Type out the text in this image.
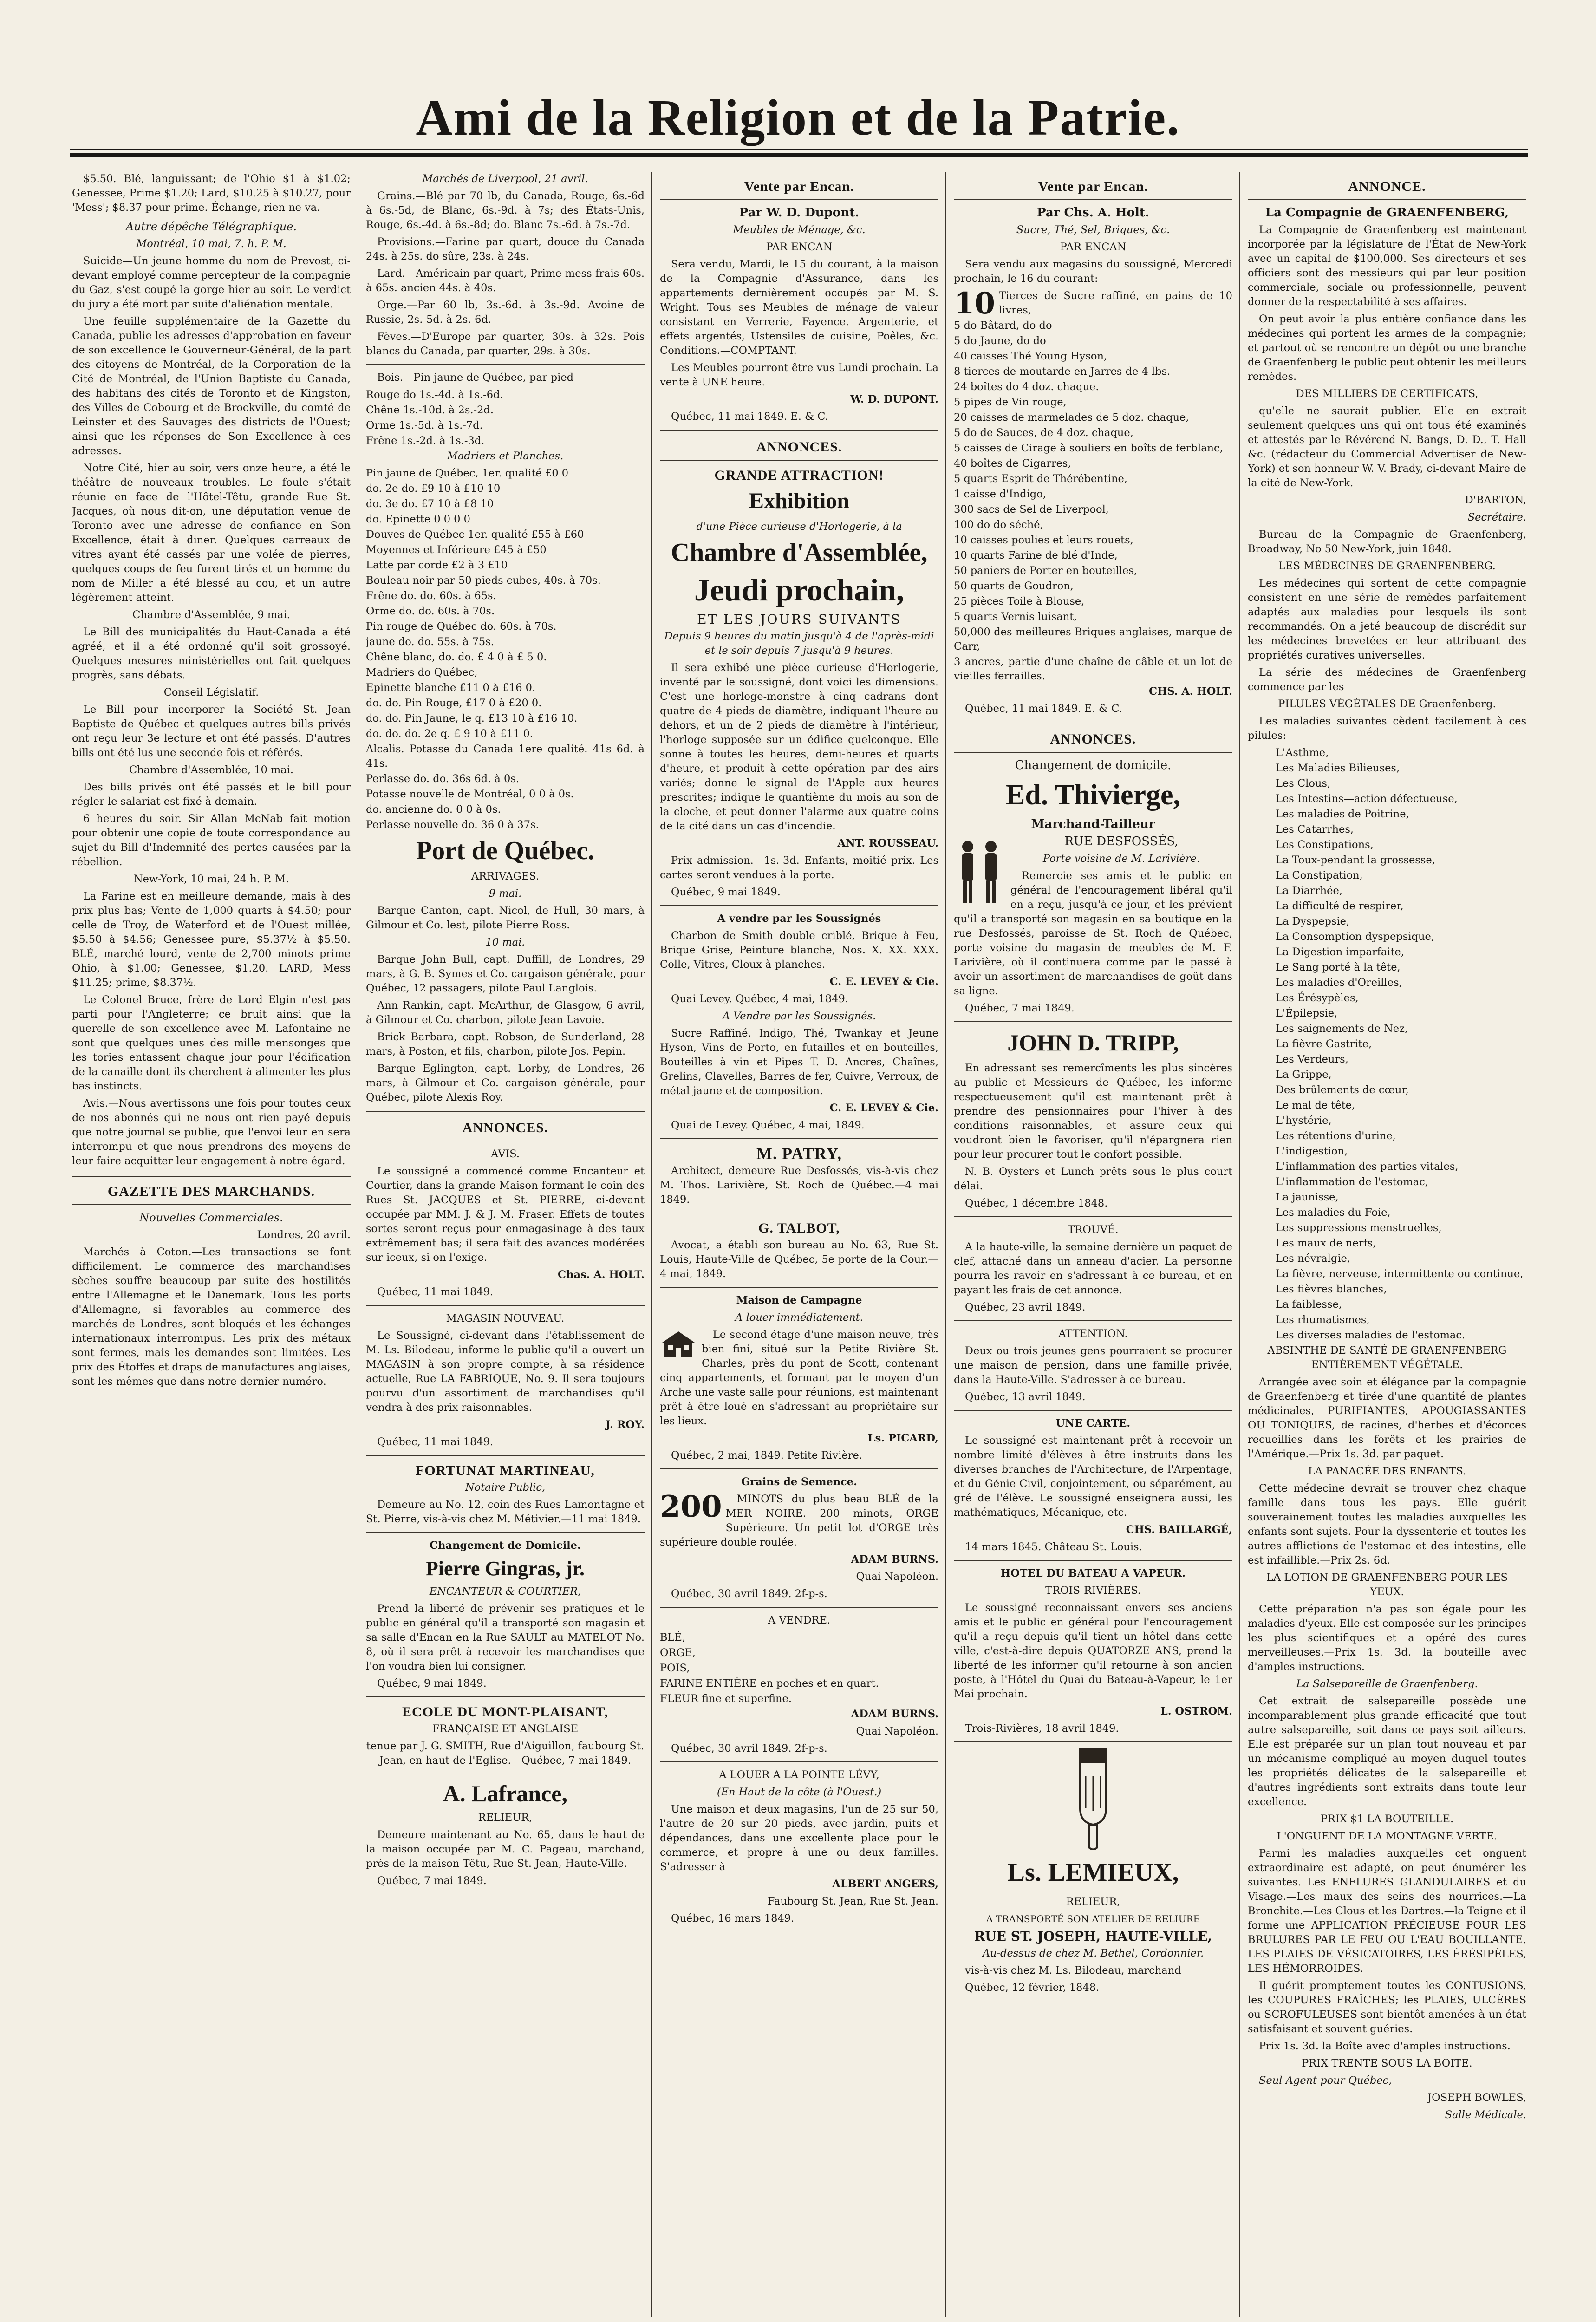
Ami de la Religion et de la Patrie.

$5.50. Blé, languissant; de l'Ohio $1 à $1.02; Genessee, Prime $1.20; Lard, $10.25 à $10.27, pour 'Mess'; $8.37 pour prime. Échange, rien ne va.

Autre dépêche Télégraphique.

Montréal, 10 mai, 7. h. P. M.

Suicide—Un jeune homme du nom de Prevost, ci-devant employé comme percepteur de la compagnie du Gaz, s'est coupé la gorge hier au soir. Le verdict du jury a été mort par suite d'aliénation mentale.

Une feuille supplémentaire de la Gazette du Canada, publie les adresses d'approbation en faveur de son excellence le Gouverneur-Général, de la part des citoyens de Montréal, de la Corporation de la Cité de Montréal, de l'Union Baptiste du Canada, des habitans des cités de Toronto et de Kingston, des Villes de Cobourg et de Brockville, du comté de Leinster et des Sauvages des districts de l'Ouest; ainsi que les réponses de Son Excellence à ces adresses.

Notre Cité, hier au soir, vers onze heure, a été le théâtre de nouveaux troubles. Le foule s'était réunie en face de l'Hôtel-Têtu, grande Rue St. Jacques, où nous dit-on, une députation venue de Toronto avec une adresse de confiance en Son Excellence, était à diner. Quelques carreaux de vitres ayant été cassés par une volée de pierres, quelques coups de feu furent tirés et un homme du nom de Miller a été blessé au cou, et un autre légèrement atteint.

Chambre d'Assemblée, 9 mai.

Le Bill des municipalités du Haut-Canada a été agréé, et il a été ordonné qu'il soit grossoyé. Quelques mesures ministérielles ont fait quelques progrès, sans débats.

Conseil Législatif.

Le Bill pour incorporer la Société St. Jean Baptiste de Québec et quelques autres bills privés ont reçu leur 3e lecture et ont été passés. D'autres bills ont été lus une seconde fois et référés.

Chambre d'Assemblée, 10 mai.

Des bills privés ont été passés et le bill pour régler le salariat est fixé à demain.

6 heures du soir. Sir Allan McNab fait motion pour obtenir une copie de toute correspondance au sujet du Bill d'Indemnité des pertes causées par la rébellion.

New-York, 10 mai, 24 h. P. M.

La Farine est en meilleure demande, mais à des prix plus bas; Vente de 1,000 quarts à $4.50; pour celle de Troy, de Waterford et de l'Ouest millée, $5.50 à $4.56; Genessee pure, $5.37½ à $5.50. BLÉ, marché lourd, vente de 2,700 minots prime Ohio, à $1.00; Genessee, $1.20. LARD, Mess $11.25; prime, $8.37½.

Le Colonel Bruce, frère de Lord Elgin n'est pas parti pour l'Angleterre; ce bruit ainsi que la querelle de son excellence avec M. Lafontaine ne sont que quelques unes des mille mensonges que les tories entassent chaque jour pour l'édification de la canaille dont ils cherchent à alimenter les plus bas instincts.

Avis.—Nous avertissons une fois pour toutes ceux de nos abonnés qui ne nous ont rien payé depuis que notre journal se publie, que l'envoi leur en sera interrompu et que nous prendrons des moyens de leur faire acquitter leur engagement à notre égard.

GAZETTE DES MARCHANDS.
Nouvelles Commerciales.

Londres, 20 avril.

Marchés à Coton.—Les transactions se font difficilement. Le commerce des marchandises sèches souffre beaucoup par suite des hostilités entre l'Allemagne et le Danemark. Tous les ports d'Allemagne, si favorables au commerce des marchés de Londres, sont bloqués et les échanges internationaux interrompus. Les prix des métaux sont fermes, mais les demandes sont limitées. Les prix des Étoffes et draps de manufactures anglaises, sont les mêmes que dans notre dernier numéro.

Marchés de Liverpool, 21 avril.

Grains.—Blé par 70 lb, du Canada, Rouge, 6s.-6d à 6s.-5d, de Blanc, 6s.-9d. à 7s; des États-Unis, Rouge, 6s.-4d. à 6s.-8d; do. Blanc 7s.-6d. à 7s.-7d.

Provisions.—Farine par quart, douce du Canada 24s. à 25s. do sûre, 23s. à 24s.

Lard.—Américain par quart, Prime mess frais 60s. à 65s. ancien 44s. à 40s.

Orge.—Par 60 lb, 3s.-6d. à 3s.-9d. Avoine de Russie, 2s.-5d. à 2s.-6d.

Fèves.—D'Europe par quarter, 30s. à 32s. Pois blancs du Canada, par quarter, 29s. à 30s.

Bois.—Pin jaune de Québec, par pied

Rouge do 1s.-4d. à 1s.-6d.

Chêne 1s.-10d. à 2s.-2d.

Orme 1s.-5d. à 1s.-7d.

Frêne 1s.-2d. à 1s.-3d.

Madriers et Planches.

Pin jaune de Québec, 1er. qualité £0 0

do. 2e do. £9 10 à £10 10

do. 3e do. £7 10 à £8 10

do. Epinette 0 0 0 0

Douves de Québec 1er. qualité £55 à £60

Moyennes et Inférieure £45 à £50

Latte par corde £2 à 3 £10

Bouleau noir par 50 pieds cubes, 40s. à 70s.

Frêne do. do. 60s. à 65s.

Orme do. do. 60s. à 70s.

Pin rouge de Québec do. 60s. à 70s.

jaune do. do. 55s. à 75s.

Chêne blanc, do. do. £ 4 0 à £ 5 0.

Madriers do Québec,

Epinette blanche £11 0 à £16 0.

do. do. Pin Rouge, £17 0 à £20 0.

do. do. Pin Jaune, le q. £13 10 à £16 10.

do. do. do. 2e q. £ 9 10 à £11 0.

Alcalis. Potasse du Canada 1ere qualité. 41s 6d. à 41s.

Perlasse do. do. 36s 6d. à 0s.

Potasse nouvelle de Montréal, 0 0 à 0s.

do. ancienne do. 0 0 à 0s.

Perlasse nouvelle do. 36 0 à 37s.

Port de Québec.

ARRIVAGES.

9 mai.

Barque Canton, capt. Nicol, de Hull, 30 mars, à Gilmour et Co. lest, pilote Pierre Ross.

10 mai.

Barque John Bull, capt. Duffill, de Londres, 29 mars, à G. B. Symes et Co. cargaison générale, pour Québec, 12 passagers, pilote Paul Langlois.

Ann Rankin, capt. McArthur, de Glasgow, 6 avril, à Gilmour et Co. charbon, pilote Jean Lavoie.

Brick Barbara, capt. Robson, de Sunderland, 28 mars, à Poston, et fils, charbon, pilote Jos. Pepin.

Barque Eglington, capt. Lorby, de Londres, 26 mars, à Gilmour et Co. cargaison générale, pour Québec, pilote Alexis Roy.

ANNONCES.

AVIS.

Le soussigné a commencé comme Encanteur et Courtier, dans la grande Maison formant le coin des Rues St. JACQUES et St. PIERRE, ci-devant occupée par MM. J. & J. M. Fraser. Effets de toutes sortes seront reçus pour enmagasinage à des taux extrêmement bas; il sera fait des avances modérées sur iceux, si on l'exige.

Chas. A. HOLT.

Québec, 11 mai 1849.

MAGASIN NOUVEAU.

Le Soussigné, ci-devant dans l'établissement de M. Ls. Bilodeau, informe le public qu'il a ouvert un MAGASIN à son propre compte, à sa résidence actuelle, Rue LA FABRIQUE, No. 9. Il sera toujours pourvu d'un assortiment de marchandises qu'il vendra à des prix raisonnables.

J. ROY.

Québec, 11 mai 1849.

FORTUNAT MARTINEAU,

Notaire Public,

Demeure au No. 12, coin des Rues Lamontagne et St. Pierre, vis-à-vis chez M. Métivier.—11 mai 1849.

Changement de Domicile.

Pierre Gingras, jr.

ENCANTEUR & COURTIER,

Prend la liberté de prévenir ses pratiques et le public en général qu'il a transporté son magasin et sa salle d'Encan en la Rue SAULT au MATELOT No. 8, où il sera prêt à recevoir les marchandises que l'on voudra bien lui consigner.

Québec, 9 mai 1849.

ECOLE DU MONT-PLAISANT,

FRANÇAISE ET ANGLAISE

tenue par J. G. SMITH, Rue d'Aiguillon, faubourg St. Jean, en haut de l'Eglise.—Québec, 7 mai 1849.

A. Lafrance,

RELIEUR,

Demeure maintenant au No. 65, dans le haut de la maison occupée par M. C. Pageau, marchand, près de la maison Têtu, Rue St. Jean, Haute-Ville.

Québec, 7 mai 1849.

Vente par Encan.

Par W. D. Dupont.

Meubles de Ménage, &c.

PAR ENCAN

Sera vendu, Mardi, le 15 du courant, à la maison de la Compagnie d'Assurance, dans les appartements dernièrement occupés par M. S. Wright. Tous ses Meubles de ménage de valeur consistant en Verrerie, Fayence, Argenterie, et effets argentés, Ustensiles de cuisine, Poêles, &c. Conditions.—COMPTANT.

Les Meubles pourront être vus Lundi prochain. La vente à UNE heure.

W. D. DUPONT.

Québec, 11 mai 1849. E. & C.

ANNONCES.
GRANDE ATTRACTION!
Exhibition

d'une Pièce curieuse d'Horlogerie, à la

Chambre d'Assemblée,
Jeudi prochain,

ET LES JOURS SUIVANTS

Depuis 9 heures du matin jusqu'à 4 de l'après-midi et le soir depuis 7 jusqu'à 9 heures.

Il sera exhibé une pièce curieuse d'Horlogerie, inventé par le soussigné, dont voici les dimensions. C'est une horloge-monstre à cinq cadrans dont quatre de 4 pieds de diamètre, indiquant l'heure au dehors, et un de 2 pieds de diamètre à l'intérieur, l'horloge supposée sur un édifice quelconque. Elle sonne à toutes les heures, demi-heures et quarts d'heure, et produit à cette opération par des airs variés; donne le signal de l'Apple aux heures prescrites; indique le quantième du mois au son de la cloche, et peut donner l'alarme aux quatre coins de la cité dans un cas d'incendie.

ANT. ROUSSEAU.

Prix admission.—1s.-3d. Enfants, moitié prix. Les cartes seront vendues à la porte.

Québec, 9 mai 1849.

A vendre par les Soussignés

Charbon de Smith double criblé, Brique à Feu, Brique Grise, Peinture blanche, Nos. X. XX. XXX. Colle, Vitres, Cloux à planches.

C. E. LEVEY & Cie.

Quai Levey. Québec, 4 mai, 1849.

A Vendre par les Soussignés.

Sucre Raffiné. Indigo, Thé, Twankay et Jeune Hyson, Vins de Porto, en futailles et en bouteilles, Bouteilles à vin et Pipes T. D. Ancres, Chaînes, Grelins, Clavelles, Barres de fer, Cuivre, Verroux, de métal jaune et de composition.

C. E. LEVEY & Cie.

Quai de Levey. Québec, 4 mai, 1849.

M. PATRY,

Architect, demeure Rue Desfossés, vis-à-vis chez M. Thos. Larivière, St. Roch de Québec.—4 mai 1849.

G. TALBOT,

Avocat, a établi son bureau au No. 63, Rue St. Louis, Haute-Ville de Québec, 5e porte de la Cour.—4 mai, 1849.

Maison de Campagne

A louer immédiatement.

Le second étage d'une maison neuve, très bien fini, situé sur la Petite Rivière St. Charles, près du pont de Scott, contenant cinq appartements, et formant par le moyen d'un Arche une vaste salle pour réunions, est maintenant prêt à être loué en s'adressant au propriétaire sur les lieux.

Ls. PICARD,

Québec, 2 mai, 1849. Petite Rivière.

Grains de Semence.

200	MINOTS du plus beau BLÉ de la MER NOIRE. 200 minots, ORGE Supérieure. Un petit lot d'ORGE très supérieure double roulée.

ADAM BURNS.

Quai Napoléon.

Québec, 30 avril 1849. 2f-p-s.

A VENDRE.

BLÉ,

ORGE,

POIS,

FARINE ENTIÈRE en poches et en quart.

FLEUR fine et superfine.

ADAM BURNS.

Quai Napoléon.

Québec, 30 avril 1849. 2f-p-s.

A LOUER A LA POINTE LÉVY,

(En Haut de la côte (à l'Ouest.)

Une maison et deux magasins, l'un de 25 sur 50, l'autre de 20 sur 20 pieds, avec jardin, puits et dépendances, dans une excellente place pour le commerce, et propre à une ou deux familles. S'adresser à

ALBERT ANGERS,

Faubourg St. Jean, Rue St. Jean.

Québec, 16 mars 1849.

Vente par Encan.

Par Chs. A. Holt.

Sucre, Thé, Sel, Briques, &c.

PAR ENCAN

Sera vendu aux magasins du soussigné, Mercredi prochain, le 16 du courant:

10 Tierces de Sucre raffiné, en pains de 10 livres,

5 do Bâtard, do do

5 do Jaune, do do

40 caisses Thé Young Hyson,

8 tierces de moutarde en Jarres de 4 lbs.

24 boîtes do 4 doz. chaque.

5 pipes de Vin rouge,

20 caisses de marmelades de 5 doz. chaque,

5 do de Sauces, de 4 doz. chaque,

5 caisses de Cirage à souliers en boîts de ferblanc,

40 boîtes de Cigarres,

5 quarts Esprit de Thérébentine,

1 caisse d'Indigo,

300 sacs de Sel de Liverpool,

100 do do séché,

10 caisses poulies et leurs rouets,

10 quarts Farine de blé d'Inde,

50 paniers de Porter en bouteilles,

50 quarts de Goudron,

25 pièces Toile à Blouse,

5 quarts Vernis luisant,

50,000 des meilleures Briques anglaises, marque de Carr,

3 ancres, partie d'une chaîne de câble et un lot de vieilles ferrailles.

CHS. A. HOLT.

Québec, 11 mai 1849. E. & C.

ANNONCES.

Changement de domicile.

Ed. Thivierge,

Marchand-Tailleur

RUE DESFOSSÉS,

Porte voisine de M. Larivière.

Remercie ses amis et le public en général de l'encouragement libéral qu'il en a reçu, jusqu'à ce jour, et les prévient qu'il a transporté son magasin en sa boutique en la rue Desfossés, paroisse de St. Roch de Québec, porte voisine du magasin de meubles de M. F. Larivière, où il continuera comme par le passé à avoir un assortiment de marchandises de goût dans sa ligne.

Québec, 7 mai 1849.

JOHN D. TRIPP,

En adressant ses remercîments les plus sincères au public et Messieurs de Québec, les informe respectueusement qu'il est maintenant prêt à prendre des pensionnaires pour l'hiver à des conditions raisonnables, et assure ceux qui voudront bien le favoriser, qu'il n'épargnera rien pour leur procurer tout le confort possible.

N. B. Oysters et Lunch prêts sous le plus court délai.

Québec, 1 décembre 1848.

TROUVÉ.

A la haute-ville, la semaine dernière un paquet de clef, attaché dans un anneau d'acier. La personne pourra les ravoir en s'adressant à ce bureau, et en payant les frais de cet annonce.

Québec, 23 avril 1849.

ATTENTION.

Deux ou trois jeunes gens pourraient se procurer une maison de pension, dans une famille privée, dans la Haute-Ville. S'adresser à ce bureau.

Québec, 13 avril 1849.

UNE CARTE.

Le soussigné est maintenant prêt à recevoir un nombre limité d'élèves à être instruits dans les diverses branches de l'Architecture, de l'Arpentage, et du Génie Civil, conjointement, ou séparément, au gré de l'élève. Le soussigné enseignera aussi, les mathématiques, Mécanique, etc.

CHS. BAILLARGÉ,

14 mars 1845. Château St. Louis.

HOTEL DU BATEAU A VAPEUR.

TROIS-RIVIÈRES.

Le soussigné reconnaissant envers ses anciens amis et le public en général pour l'encouragement qu'il a reçu depuis qu'il tient un hôtel dans cette ville, c'est-à-dire depuis QUATORZE ANS, prend la liberté de les informer qu'il retourne à son ancien poste, à l'Hôtel du Quai du Bateau-à-Vapeur, le 1er Mai prochain.

L. OSTROM.

Trois-Rivières, 18 avril 1849.

Ls. LEMIEUX,

RELIEUR,

A TRANSPORTÉ SON ATELIER DE RELIURE

RUE ST. JOSEPH, HAUTE-VILLE,

Au-dessus de chez M. Bethel, Cordonnier.

vis-à-vis chez M. Ls. Bilodeau, marchand

Québec, 12 février, 1848.

ANNONCE.

La Compagnie de GRAENFENBERG,

La Compagnie de Graenfenberg est maintenant incorporée par la législature de l'État de New-York avec un capital de $100,000. Ses directeurs et ses officiers sont des messieurs qui par leur position commerciale, sociale ou professionnelle, peuvent donner de la respectabilité à ses affaires.

On peut avoir la plus entière confiance dans les médecines qui portent les armes de la compagnie; et partout où se rencontre un dépôt ou une branche de Graenfenberg le public peut obtenir les meilleurs remèdes.

DES MILLIERS DE CERTIFICATS,

qu'elle ne saurait publier. Elle en extrait seulement quelques uns qui ont tous été examinés et attestés par le Révérend N. Bangs, D. D., T. Hall &c. (rédacteur du Commercial Advertiser de New-York) et son honneur W. V. Brady, ci-devant Maire de la cité de New-York.

D'BARTON,

Secrétaire.

Bureau de la Compagnie de Graenfenberg, Broadway, No 50 New-York, juin 1848.

LES MÉDECINES DE GRAENFENBERG.

Les médecines qui sortent de cette compagnie consistent en une série de remèdes parfaitement adaptés aux maladies pour lesquels ils sont recommandés. On a jeté beaucoup de discrédit sur les médecines brevetées en leur attribuant des propriétés curatives universelles.

La série des médecines de Graenfenberg commence par les

PILULES VÉGÉTALES DE Graenfenberg.

Les maladies suivantes cèdent facilement à ces pilules:

L'Asthme,

Les Maladies Bilieuses,

Les Clous,

Les Intestins—action défectueuse,

Les maladies de Poitrine,

Les Catarrhes,

Les Constipations,

La Toux-pendant la grossesse,

La Constipation,

La Diarrhée,

La difficulté de respirer,

La Dyspepsie,

La Consomption dyspepsique,

La Digestion imparfaite,

Le Sang porté à la tête,

Les maladies d'Oreilles,

Les Érésypèles,

L'Épilepsie,

Les saignements de Nez,

La fièvre Gastrite,

Les Verdeurs,

La Grippe,

Des brûlements de cœur,

Le mal de tête,

L'hystérie,

Les rétentions d'urine,

L'indigestion,

L'inflammation des parties vitales,

L'inflammation de l'estomac,

La jaunisse,

Les maladies du Foie,

Les suppressions menstruelles,

Les maux de nerfs,

Les névralgie,

La fièvre, nerveuse, intermittente ou continue,

Les fièvres blanches,

La faiblesse,

Les rhumatismes,

Les diverses maladies de l'estomac.

ABSINTHE DE SANTÉ DE GRAENFENBERG ENTIÈREMENT VÉGÉTALE.

Arrangée avec soin et élégance par la compagnie de Graenfenberg et tirée d'une quantité de plantes médicinales, PURIFIANTES, APOUGIASSANTES OU TONIQUES, de racines, d'herbes et d'écorces recueillies dans les forêts et les prairies de l'Amérique.—Prix 1s. 3d. par paquet.

LA PANACÉE DES ENFANTS.

Cette médecine devrait se trouver chez chaque famille dans tous les pays. Elle guérit souverainement toutes les maladies auxquelles les enfants sont sujets. Pour la dyssenterie et toutes les autres afflictions de l'estomac et des intestins, elle est infaillible.—Prix 2s. 6d.

LA LOTION DE GRAENFENBERG POUR LES YEUX.

Cette préparation n'a pas son égale pour les maladies d'yeux. Elle est composée sur les principes les plus scientifiques et a opéré des cures merveilleuses.—Prix 1s. 3d. la bouteille avec d'amples instructions.

La Salsepareille de Graenfenberg.

Cet extrait de salsepareille possède une incomparablement plus grande efficacité que tout autre salsepareille, soit dans ce pays soit ailleurs. Elle est préparée sur un plan tout nouveau et par un mécanisme compliqué au moyen duquel toutes les propriétés délicates de la salsepareille et d'autres ingrédients sont extraits dans toute leur excellence.

PRIX $1 LA BOUTEILLE.

L'ONGUENT DE LA MONTAGNE VERTE.

Parmi les maladies auxquelles cet onguent extraordinaire est adapté, on peut énumérer les suivantes. Les ENFLURES GLANDULAIRES et du Visage.—Les maux des seins des nourrices.—La Bronchite.—Les Clous et les Dartres.—la Teigne et il forme une APPLICATION PRÉCIEUSE POUR LES BRULURES PAR LE FEU OU L'EAU BOUILLANTE. LES PLAIES DE VÉSICATOIRES, LES ÉRÉSIPÈLES, LES HÉMORROIDES.

Il guérit promptement toutes les CONTUSIONS, les COUPURES FRAÎCHES; les PLAIES, ULCÈRES ou SCROFULEUSES sont bientôt amenées à un état satisfaisant et souvent guéries.

Prix 1s. 3d. la Boîte avec d'amples instructions.

PRIX TRENTE SOUS LA BOITE.

Seul Agent pour Québec,

JOSEPH BOWLES,

Salle Médicale.
